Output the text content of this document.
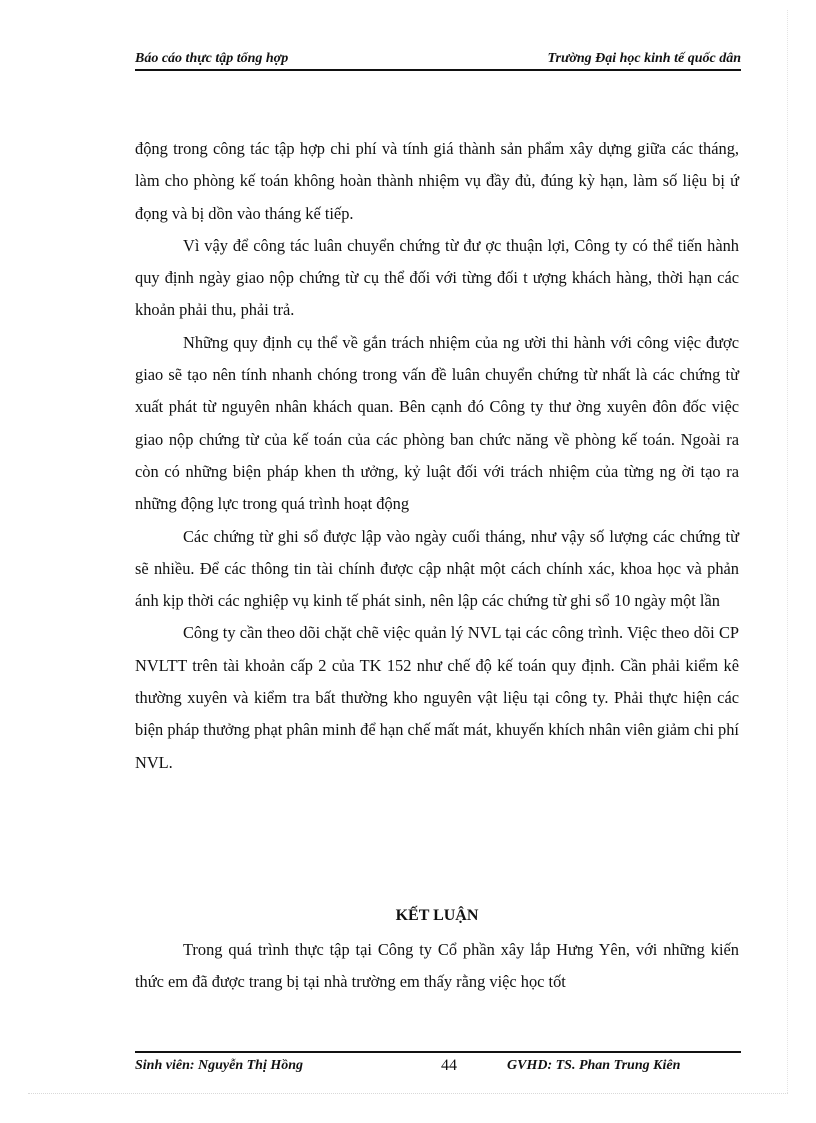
Báo cáo thực tập tổng hợp	Trường Đại học kinh tế quốc dân

động trong công tác tập hợp chi phí và tính giá thành sản phẩm xây dựng giữa các tháng, làm cho phòng kế toán không hoàn thành nhiệm vụ đầy đủ, đúng kỳ hạn, làm số liệu bị ứ đọng và bị dồn vào tháng kế tiếp.

Vì vậy để công tác luân chuyển chứng từ đư ợc thuận lợi, Công ty có thể tiến hành quy định ngày giao nộp chứng từ cụ thể đối với từng đối t ượng khách hàng, thời hạn các khoản phải thu, phải trả.

Những quy định cụ thể về gắn trách nhiệm của ng ười thi hành với công việc được giao sẽ tạo nên tính nhanh chóng trong vấn đề luân chuyển chứng từ nhất là các chứng từ xuất phát từ nguyên nhân khách quan. Bên cạnh đó Công ty thư ờng xuyên đôn đốc việc giao nộp chứng từ của kế toán của các phòng ban chức năng về phòng kế toán. Ngoài ra còn có những biện pháp khen th ưởng, kỷ luật đối với trách nhiệm của từng ng ời tạo ra những động lực trong quá trình hoạt động

Các chứng từ ghi sổ được lập vào ngày cuối tháng, như vậy số lượng các chứng từ sẽ nhiều. Để các thông tin tài chính được cập nhật một cách chính xác, khoa học và phản ánh kịp thời các nghiệp vụ kinh tế phát sinh, nên lập các chứng từ ghi sổ 10 ngày một lần

Công ty cần theo dõi chặt chẽ việc quản lý NVL tại các công trình. Việc theo dõi CP NVLTT trên tài khoản cấp 2 của TK 152 như chế độ kế toán quy định. Cần phải kiểm kê thường xuyên và kiểm tra bất thường kho nguyên vật liệu tại công ty. Phải thực hiện các biện pháp thưởng phạt phân minh để hạn chế mất mát, khuyến khích nhân viên giảm chi phí NVL.

KẾT LUẬN

Trong quá trình thực tập tại Công ty Cổ phần xây lắp Hưng Yên, với những kiến thức em đã được trang bị tại nhà trường em thấy rằng việc học tốt

Sinh viên: Nguyễn Thị Hồng	44	GVHD: TS. Phan Trung Kiên
